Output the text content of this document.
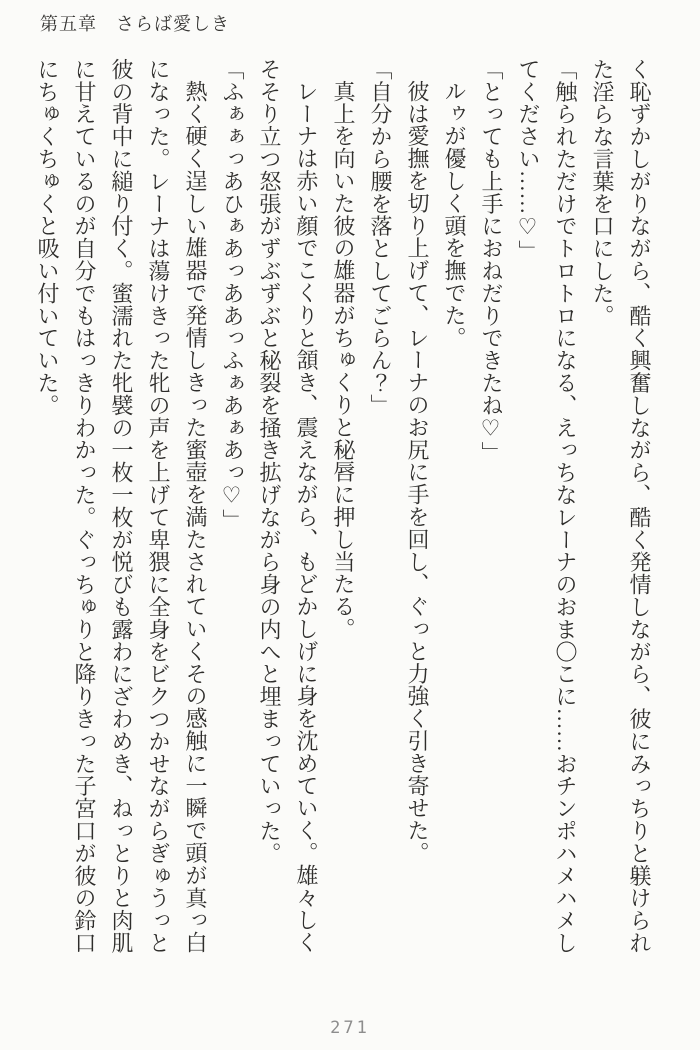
第五章　さらば愛しき

く恥ずかしがりながら、酷く興奮しながら、酷く発情しながら、彼にみっちりと躾けられた淫らな言葉を口にした。

「触られただけでトロトロになる、えっちなレーナのおま〇こに……おチンポハメハメしてください……♡」

「とっても上手におねだりできたね♡」

ルゥが優しく頭を撫でた。

彼は愛撫を切り上げて、レーナのお尻に手を回し、ぐっと力強く引き寄せた。

「自分から腰を落としてごらん？」

真上を向いた彼の雄器がちゅくりと秘唇に押し当たる。

レーナは赤い顔でこくりと頷き、震えながら、もどかしげに身を沈めていく。雄々しくそそり立つ怒張がずぶずぶと秘裂を掻き拡げながら身の内へと埋まっていった。

「ふぁぁっあひぁあっああっふぁあぁあっ♡」

熱く硬く逞しい雄器で発情しきった蜜壺を満たされていくその感触に一瞬で頭が真っ白になった。レーナは蕩けきった牝の声を上げて卑猥に全身をビクつかせながらぎゅうっと彼の背中に縋り付く。蜜濡れた牝襞の一枚一枚が悦びも露わにざわめき、ねっとりと肉肌に甘えているのが自分でもはっきりわかった。ぐっちゅりと降りきった子宮口が彼の鈴口にちゅくちゅくと吸い付いていた。

271
